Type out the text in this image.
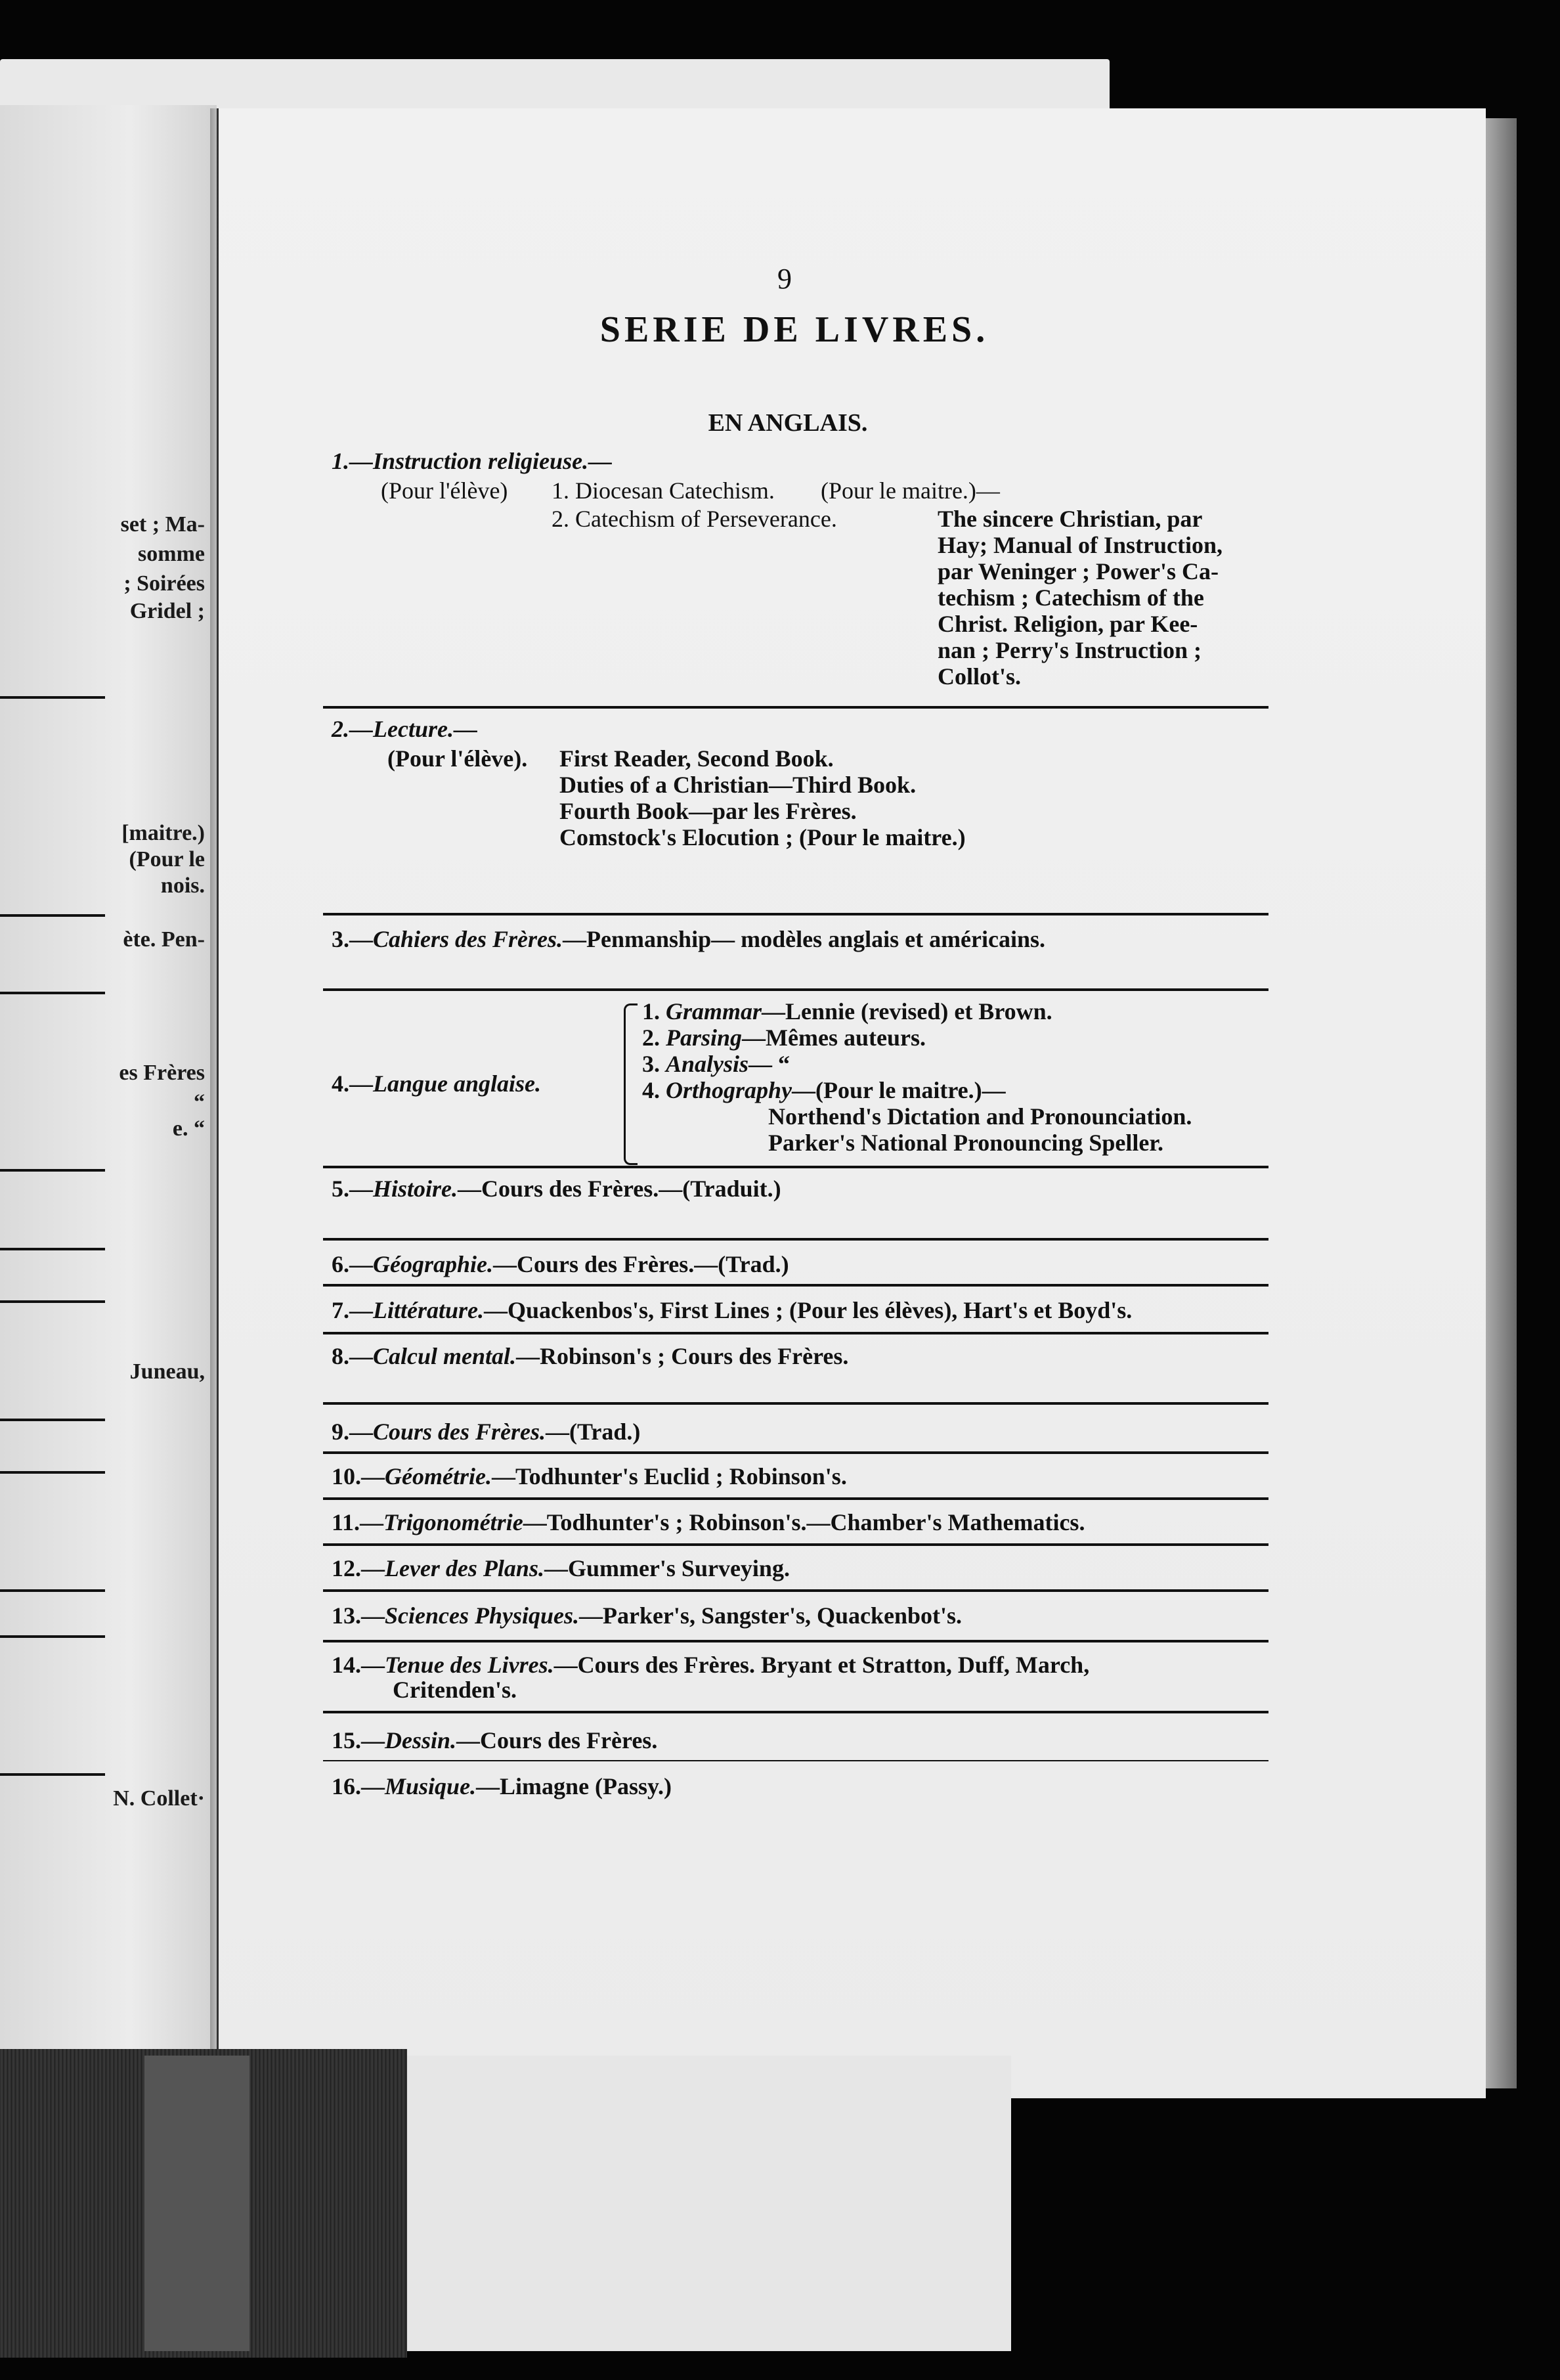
set ; Ma-
somme
; Soirées
Gridel ;
[maitre.)
(Pour le
nois.
ète. Pen-
es Frères
“
e. “
Juneau,
N. Collet·
9
SERIE DE LIVRES.
EN ANGLAIS.
1.—Instruction religieuse.—
(Pour l'élève) 1. Diocesan Catechism.
2. Catechism of Perseverance.
(Pour le maitre.)—
The sincere Christian, par
Hay; Manual of Instruction,
par Weninger ; Power's Ca-
techism ; Catechism of the
Christ. Religion, par Kee-
nan ; Perry's Instruction ;
Collot's.
2.—Lecture.—
(Pour l'élève). First Reader, Second Book.
Duties of a Christian—Third Book.
Fourth Book—par les Frères.
Comstock's Elocution ; (Pour le maitre.)
3.—Cahiers des Frères.—Penmanship— modèles anglais et américains.
4.—Langue anglaise.
1. Grammar—Lennie (revised) et Brown.
2. Parsing—Mêmes auteurs.
3. Analysis— “
4. Orthography—(Pour le maitre.)—
Northend's Dictation and Pronounciation.
Parker's National Pronouncing Speller.
5.—Histoire.—Cours des Frères.—(Traduit.)
6.—Géographie.—Cours des Frères.—(Trad.)
7.—Littérature.—Quackenbos's, First Lines ; (Pour les élèves), Hart's et Boyd's.
8.—Calcul mental.—Robinson's ; Cours des Frères.
9.—Cours des Frères.—(Trad.)
10.—Géométrie.—Todhunter's Euclid ; Robinson's.
11.—Trigonométrie—Todhunter's ; Robinson's.—Chamber's Mathematics.
12.—Lever des Plans.—Gummer's Surveying.
13.—Sciences Physiques.—Parker's, Sangster's, Quackenbot's.
14.—Tenue des Livres.—Cours des Frères. Bryant et Stratton, Duff, March,
Critenden's.
15.—Dessin.—Cours des Frères.
16.—Musique.—Limagne (Passy.)
